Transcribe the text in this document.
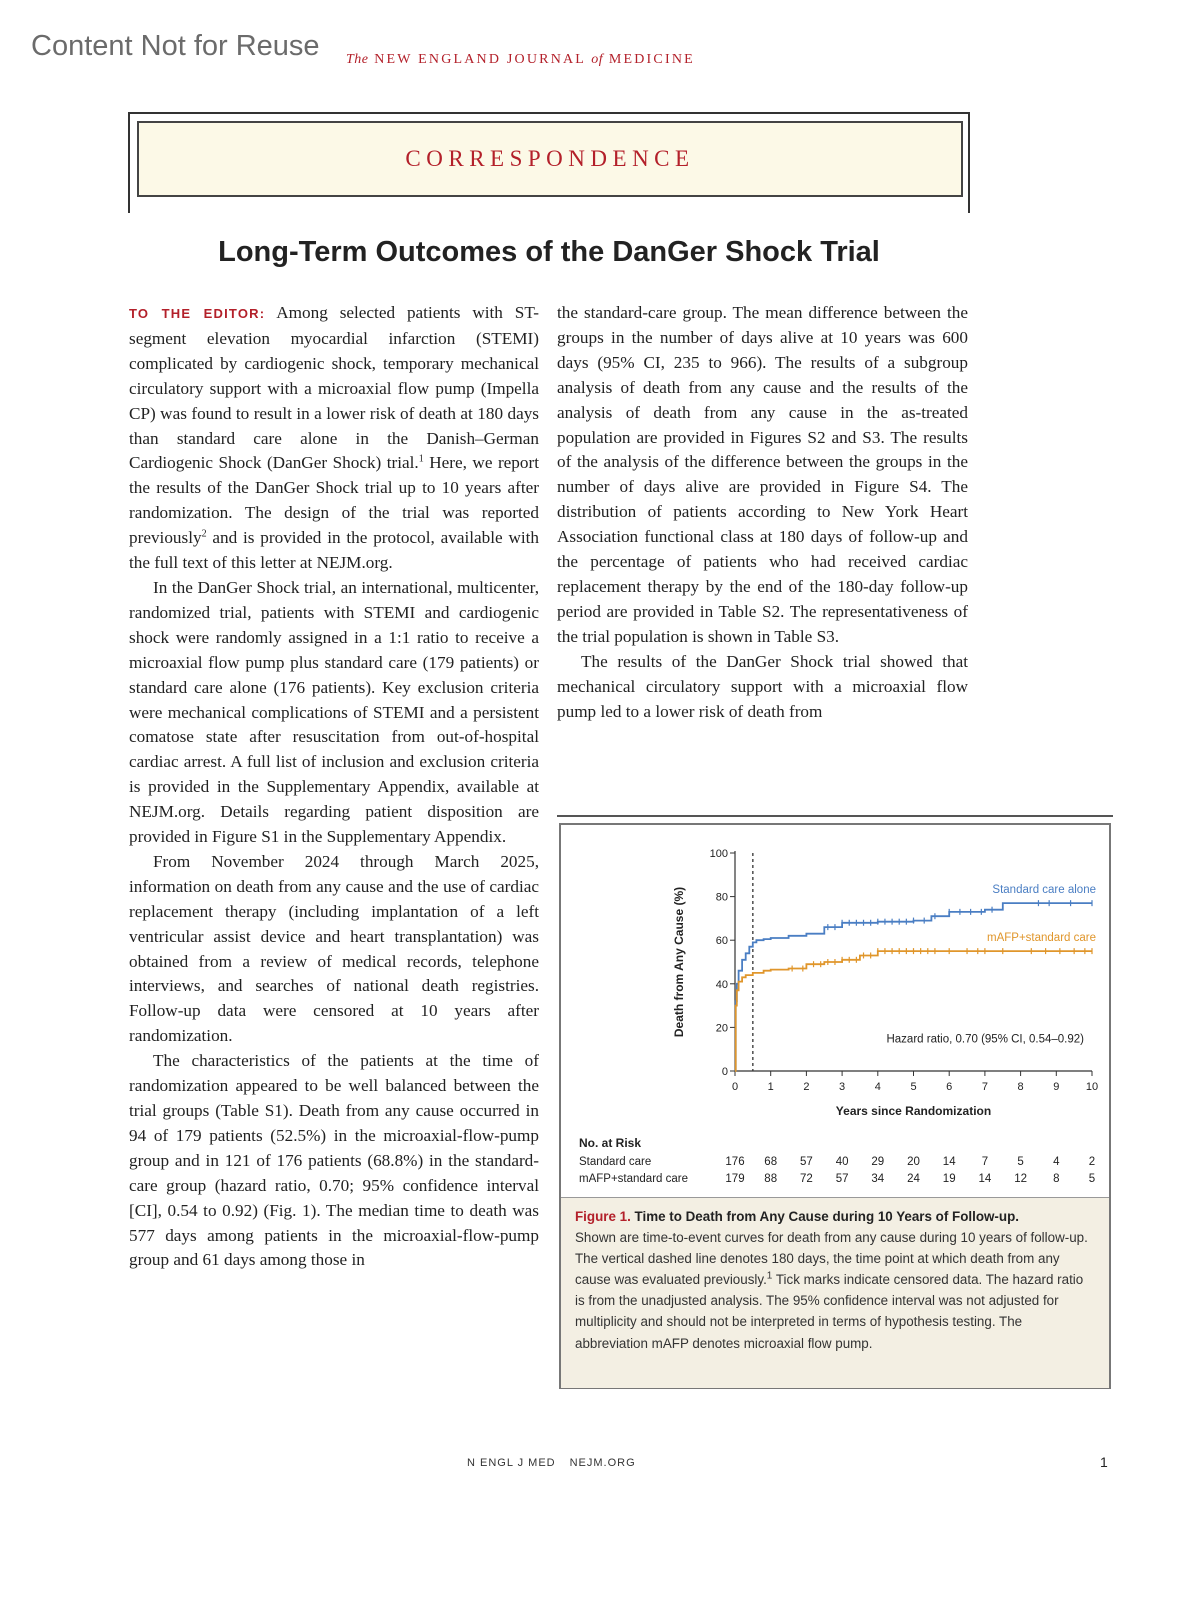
Content Not for Reuse The NEW ENGLAND JOURNAL of MEDICINE
CORRESPONDENCE
Long-Term Outcomes of the DanGer Shock Trial

TO THE EDITOR: Among selected patients with ST-segment elevation myocardial infarction (STEMI) complicated by cardiogenic shock, temporary mechanical circulatory support with a microaxial flow pump (Impella CP) was found to result in a lower risk of death at 180 days than standard care alone in the Danish–German Cardiogenic Shock (DanGer Shock) trial.$^1$ Here, we report the results of the DanGer Shock trial up to 10 years after randomization. The design of the trial was reported previously$^2$ and is provided in the protocol, available with the full text of this letter at NEJM.org.

In the DanGer Shock trial, an international, multicenter, randomized trial, patients with STEMI and cardiogenic shock were randomly assigned in a 1:1 ratio to receive a microaxial flow pump plus standard care (179 patients) or standard care alone (176 patients). Key exclusion criteria were mechanical complications of STEMI and a persistent comatose state after resuscitation from out-of-hospital cardiac arrest. A full list of inclusion and exclusion criteria is provided in the Supplementary Appendix, available at NEJM.org. Details regarding patient disposition are provided in Figure S1 in the Supplementary Appendix.

From November 2024 through March 2025, information on death from any cause and the use of cardiac replacement therapy (including implantation of a left ventricular assist device and heart transplantation) was obtained from a review of medical records, telephone interviews, and searches of national death registries. Follow-up data were censored at 10 years after randomization.

The characteristics of the patients at the time of randomization appeared to be well balanced between the trial groups (Table S1). Death from any cause occurred in 94 of 179 patients (52.5%) in the microaxial-flow-pump group and in 121 of 176 patients (68.8%) in the standard-care group (hazard ratio, 0.70; 95% confidence interval [CI], 0.54 to 0.92) (Fig. 1). The median time to death was 577 days among patients in the microaxial-flow-pump group and 61 days among those in

the standard-care group. The mean difference between the groups in the number of days alive at 10 years was 600 days (95% CI, 235 to 966). The results of a subgroup analysis of death from any cause and the results of the analysis of death from any cause in the as-treated population are provided in Figures S2 and S3. The results of the analysis of the difference between the groups in the number of days alive are provided in Figure S4. The distribution of patients according to New York Heart Association functional class at 180 days of follow-up and the percentage of patients who had received cardiac replacement therapy by the end of the 180-day follow-up period are provided in Table S2. The representativeness of the trial population is shown in Table S3.

The results of the DanGer Shock trial showed that mechanical circulatory support with a microaxial flow pump led to a lower risk of death from

0
20
40
60
80
100
0	1	2	3	4	5	6	7	8	9 10
Years since Randomization
Death from Any Cause (%)	Standard care alone
mAFP+standard care
Hazard ratio, 0.70 (95% CI, 0.54–0.92)
No. at Risk
Standard care	176 68 57 40 29 20 14 7	5	4	2
mAFP+standard care	179 88 72 57 34 24 19 14 12 8	5
Figure 1. Time to Death from Any Cause during 10 Years of Follow-up.
Shown are time-to-event curves for death from any cause during 10 years of follow-up. The vertical dashed line denotes 180 days, the time point at which death from any cause was evaluated previously.$^1$ Tick marks indicate censored data. The hazard ratio is from the unadjusted analysis. The 95% confidence interval was not adjusted for multiplicity and should not be interpreted in terms of hypothesis testing. The abbreviation mAFP denotes microaxial flow pump.
N ENGL J MED NEJM.ORG	1
